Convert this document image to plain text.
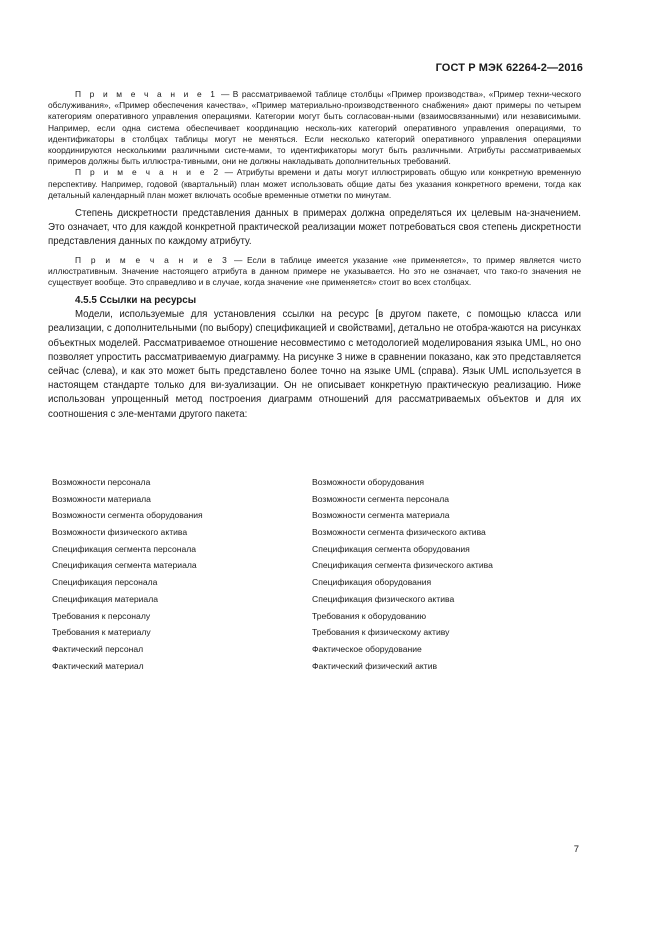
ГОСТ Р МЭК 62264-2—2016

П р и м е ч а н и е 1 — В рассматриваемой таблице столбцы «Пример производства», «Пример техни-ческого обслуживания», «Пример обеспечения качества», «Пример материально-производственного снабжения» дают примеры по четырем категориям оперативного управления операциями. Категории могут быть согласован-ными (взаимосвязанными) или независимыми. Например, если одна система обеспечивает координацию несколь-ких категорий оперативного управления операциями, то идентификаторы в столбцах таблицы могут не меняться. Если несколько категорий оперативного управления операциями координируются несколькими различными систе-мами, то идентификаторы могут быть различными. Атрибуты рассматриваемых примеров должны быть иллюстра-тивными, они не должны накладывать дополнительных требований.

П р и м е ч а н и е 2 — Атрибуты времени и даты могут иллюстрировать общую или конкретную временную перспективу. Например, годовой (квартальный) план может использовать общие даты без указания конкретного времени, тогда как детальный календарный план может включать особые временные отметки по минутам.

Степень дискретности представления данных в примерах должна определяться их целевым на-значением. Это означает, что для каждой конкретной практической реализации может потребоваться своя степень дискретности представления данных по каждому атрибуту.

П р и м е ч а н и е 3 — Если в таблице имеется указание «не применяется», то пример является чисто иллюстративным. Значение настоящего атрибута в данном примере не указывается. Но это не означает, что тако-го значения не существует вообще. Это справедливо и в случае, когда значение «не применяется» стоит во всех столбцах.

4.5.5 Ссылки на ресурсы

Модели, используемые для установления ссылки на ресурс [в другом пакете, с помощью класса или реализации, с дополнительными (по выбору) спецификацией и свойствами], детально не отобра-жаются на рисунках объектных моделей. Рассматриваемое отношение несовместимо с методологией моделирования языка UML, но оно позволяет упростить рассматриваемую диаграмму. На рисунке 3 ниже в сравнении показано, как это представляется сейчас (слева), и как это может быть представлено более точно на языке UML (справа). Язык UML используется в настоящем стандарте только для ви-зуализации. Он не описывает конкретную практическую реализацию. Ниже использован упрощенный метод построения диаграмм отношений для рассматриваемых объектов и для их соотношения с эле-ментами другого пакета:

Возможности персонала	Возможности оборудования
Возможности материала	Возможности сегмента персонала
Возможности сегмента оборудования	Возможности сегмента материала
Возможности физического актива	Возможности сегмента физического актива
Спецификация сегмента персонала	Спецификация сегмента оборудования
Спецификация сегмента материала	Спецификация сегмента физического актива
Спецификация персонала	Спецификация оборудования
Спецификация материала	Спецификация физического актива
Требования к персоналу	Требования к оборудованию
Требования к материалу	Требования к физическому активу
Фактический персонал	Фактическое оборудование
Фактический материал	Фактический физический актив
7
